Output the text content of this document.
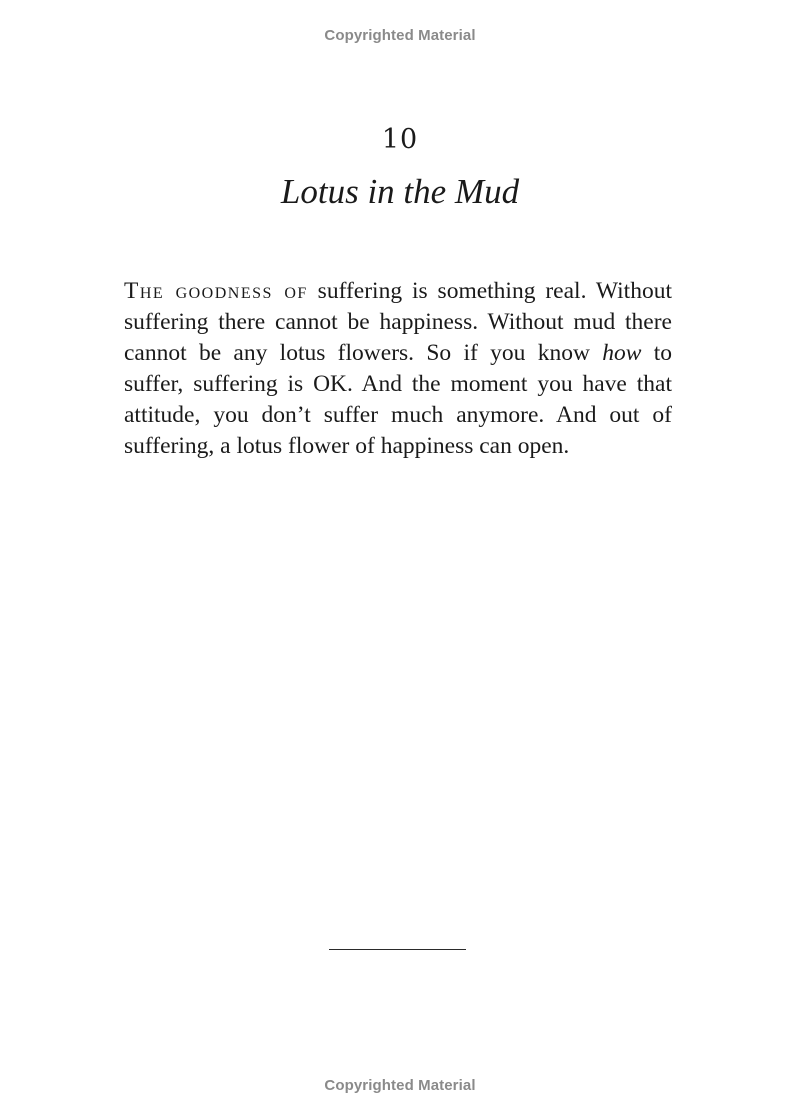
Copyrighted Material
10
Lotus in the Mud

The goodness of suffering is something real. Without suffering there cannot be happiness. Without mud there cannot be any lotus flowers. So if you know how to suffer, suffering is OK. And the moment you have that attitude, you don’t suffer much anymore. And out of suffering, a lotus flower of happiness can open.

Copyrighted Material
